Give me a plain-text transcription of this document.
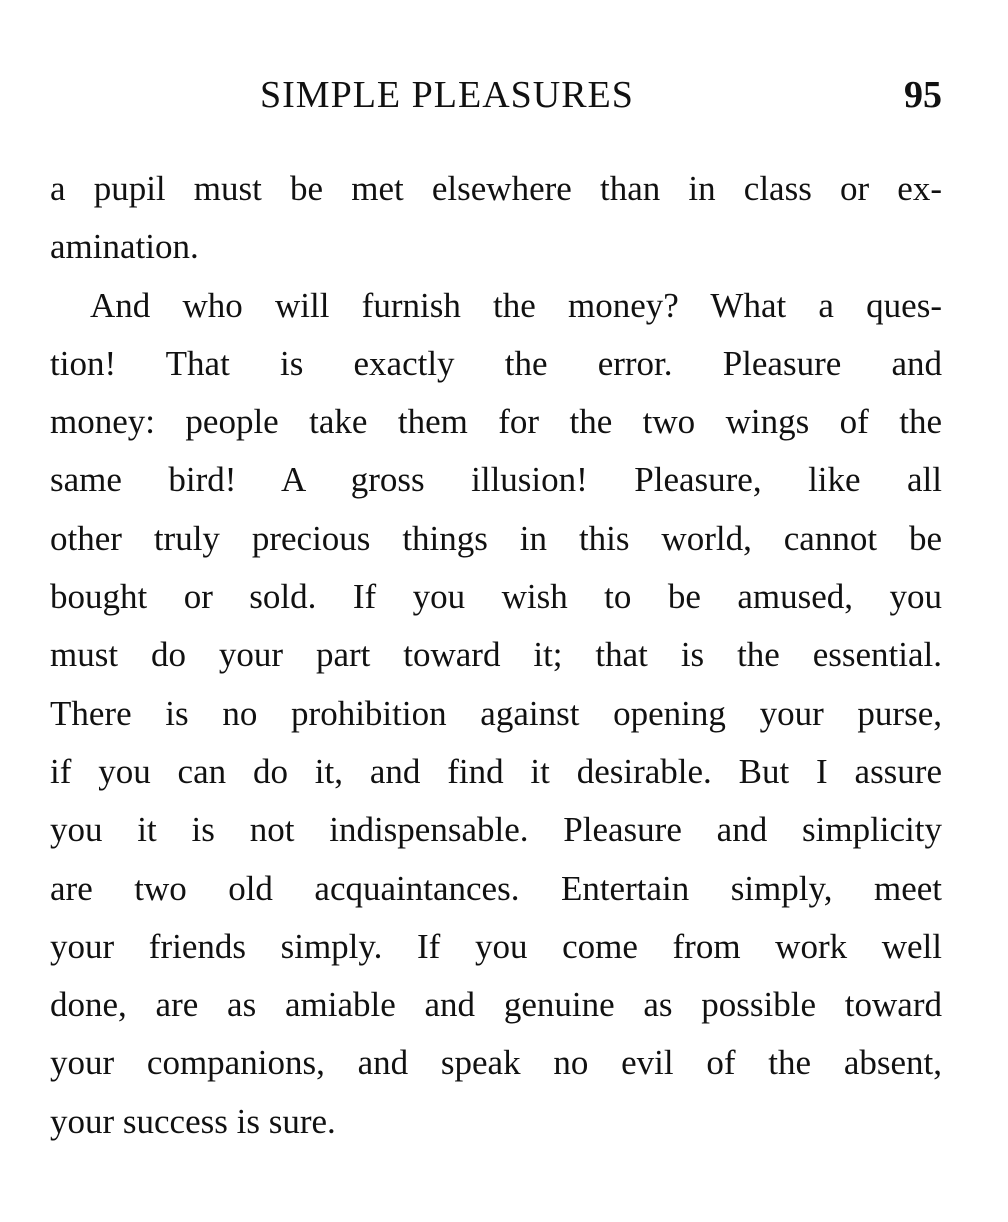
SIMPLE PLEASURES	95
a pupil must be met elsewhere than in class or ex-
amination.
And who will furnish the money? What a ques-
tion! That is exactly the error. Pleasure and
money: people take them for the two wings of the
same bird! A gross illusion! Pleasure, like all
other truly precious things in this world, cannot be
bought or sold. If you wish to be amused, you
must do your part toward it; that is the essential.
There is no prohibition against opening your purse,
if you can do it, and find it desirable. But I assure
you it is not indispensable. Pleasure and simplicity
are two old acquaintances. Entertain simply, meet
your friends simply. If you come from work well
done, are as amiable and genuine as possible toward
your companions, and speak no evil of the absent,
your success is sure.
